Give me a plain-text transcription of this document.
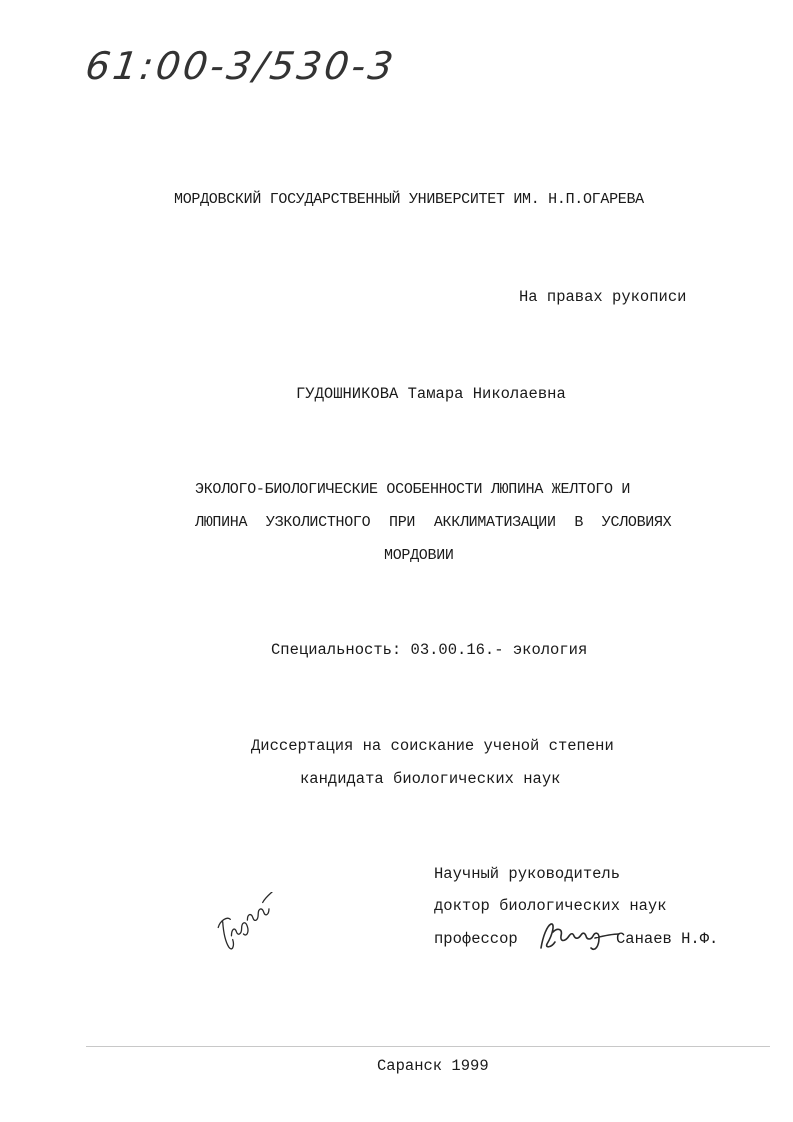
61:00-3/530-3
МОРДОВСКИЙ ГОСУДАРСТВЕННЫЙ УНИВЕРСИТЕТ ИМ. Н.П.ОГАРЕВА
На правах рукописи
ГУДОШНИКОВА Тамара Николаевна
ЭКОЛОГО-БИОЛОГИЧЕСКИЕ ОСОБЕННОСТИ ЛЮПИНА ЖЕЛТОГО И
ЛЮПИНА УЗКОЛИСТНОГО ПРИ АККЛИМАТИЗАЦИИ В УСЛОВИЯХ
МОРДОВИИ
Специальность: 03.00.16.- экология
Диссертация на соискание ученой степени
кандидата биологических наук
Научный руководитель
доктор биологических наук
профессор	Санаев Н.Ф.
Саранск 1999
